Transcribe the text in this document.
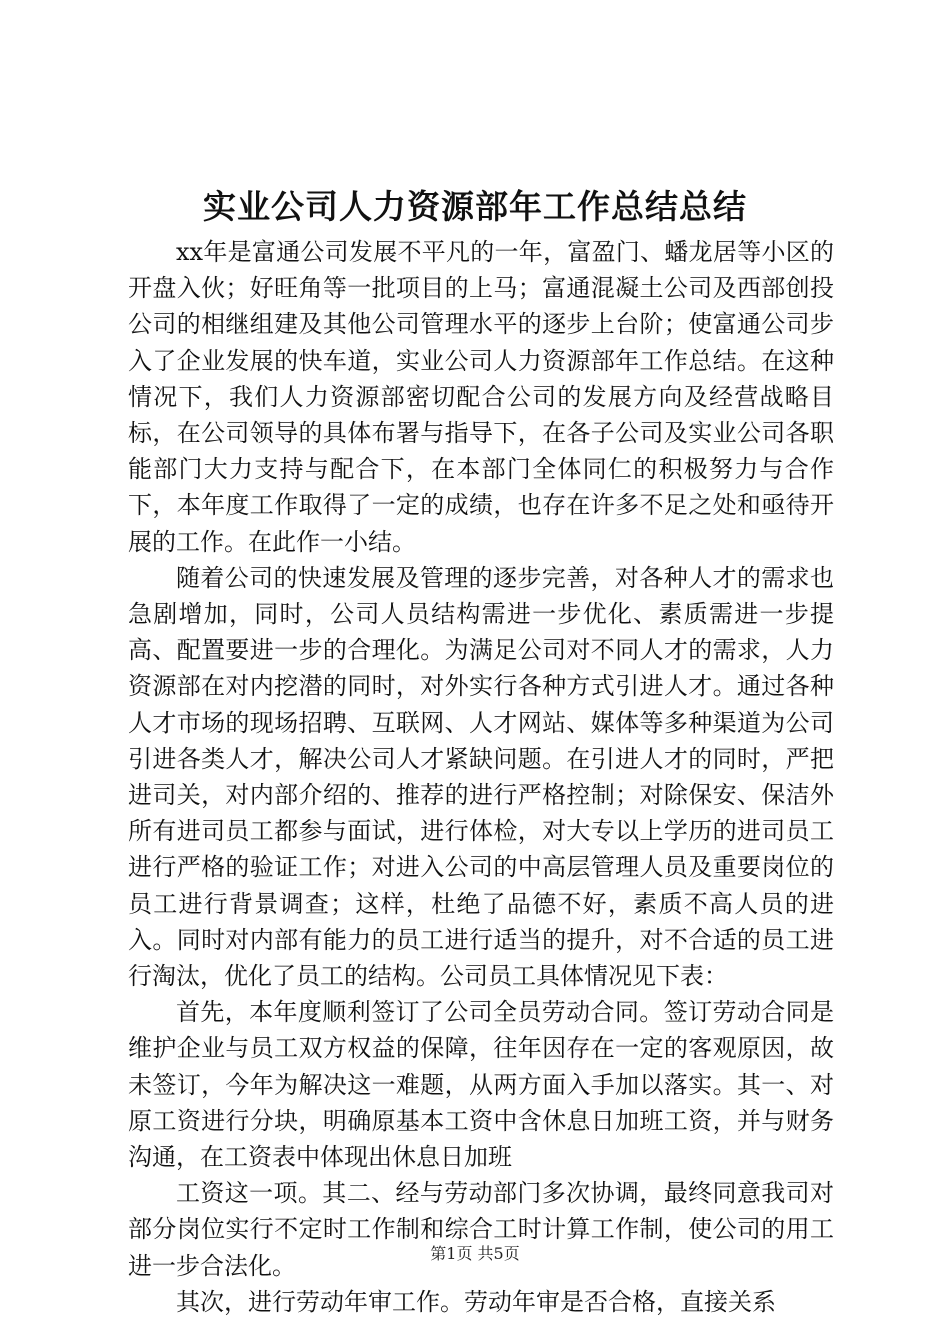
实业公司人力资源部年工作总结总结

xx年是富通公司发展不平凡的一年，富盈门、蟠龙居等小区的开盘入伙；好旺角等一批项目的上马；富通混凝土公司及西部创投公司的相继组建及其他公司管理水平的逐步上台阶；使富通公司步入了企业发展的快车道，实业公司人力资源部年工作总结。在这种情况下，我们人力资源部密切配合公司的发展方向及经营战略目标，在公司领导的具体布署与指导下，在各子公司及实业公司各职能部门大力支持与配合下，在本部门全体同仁的积极努力与合作下，本年度工作取得了一定的成绩，也存在许多不足之处和亟待开展的工作。在此作一小结。

随着公司的快速发展及管理的逐步完善，对各种人才的需求也急剧增加，同时，公司人员结构需进一步优化、素质需进一步提高、配置要进一步的合理化。为满足公司对不同人才的需求，人力资源部在对内挖潜的同时，对外实行各种方式引进人才。通过各种人才市场的现场招聘、互联网、人才网站、媒体等多种渠道为公司引进各类人才，解决公司人才紧缺问题。在引进人才的同时，严把进司关，对内部介绍的、推荐的进行严格控制；对除保安、保洁外所有进司员工都参与面试，进行体检，对大专以上学历的进司员工进行严格的验证工作；对进入公司的中高层管理人员及重要岗位的员工进行背景调查；这样，杜绝了品德不好，素质不高人员的进入。同时对内部有能力的员工进行适当的提升，对不合适的员工进行淘汰，优化了员工的结构。公司员工具体情况见下表：

首先，本年度顺利签订了公司全员劳动合同。签订劳动合同是维护企业与员工双方权益的保障，往年因存在一定的客观原因，故未签订，今年为解决这一难题，从两方面入手加以落实。其一、对原工资进行分块，明确原基本工资中含休息日加班工资，并与财务沟通，在工资表中体现出休息日加班

工资这一项。其二、经与劳动部门多次协调，最终同意我司对部分岗位实行不定时工作制和综合工时计算工作制，使公司的用工进一步合法化。

其次，进行劳动年审工作。劳动年审是否合格，直接关系

第1页 共5页
